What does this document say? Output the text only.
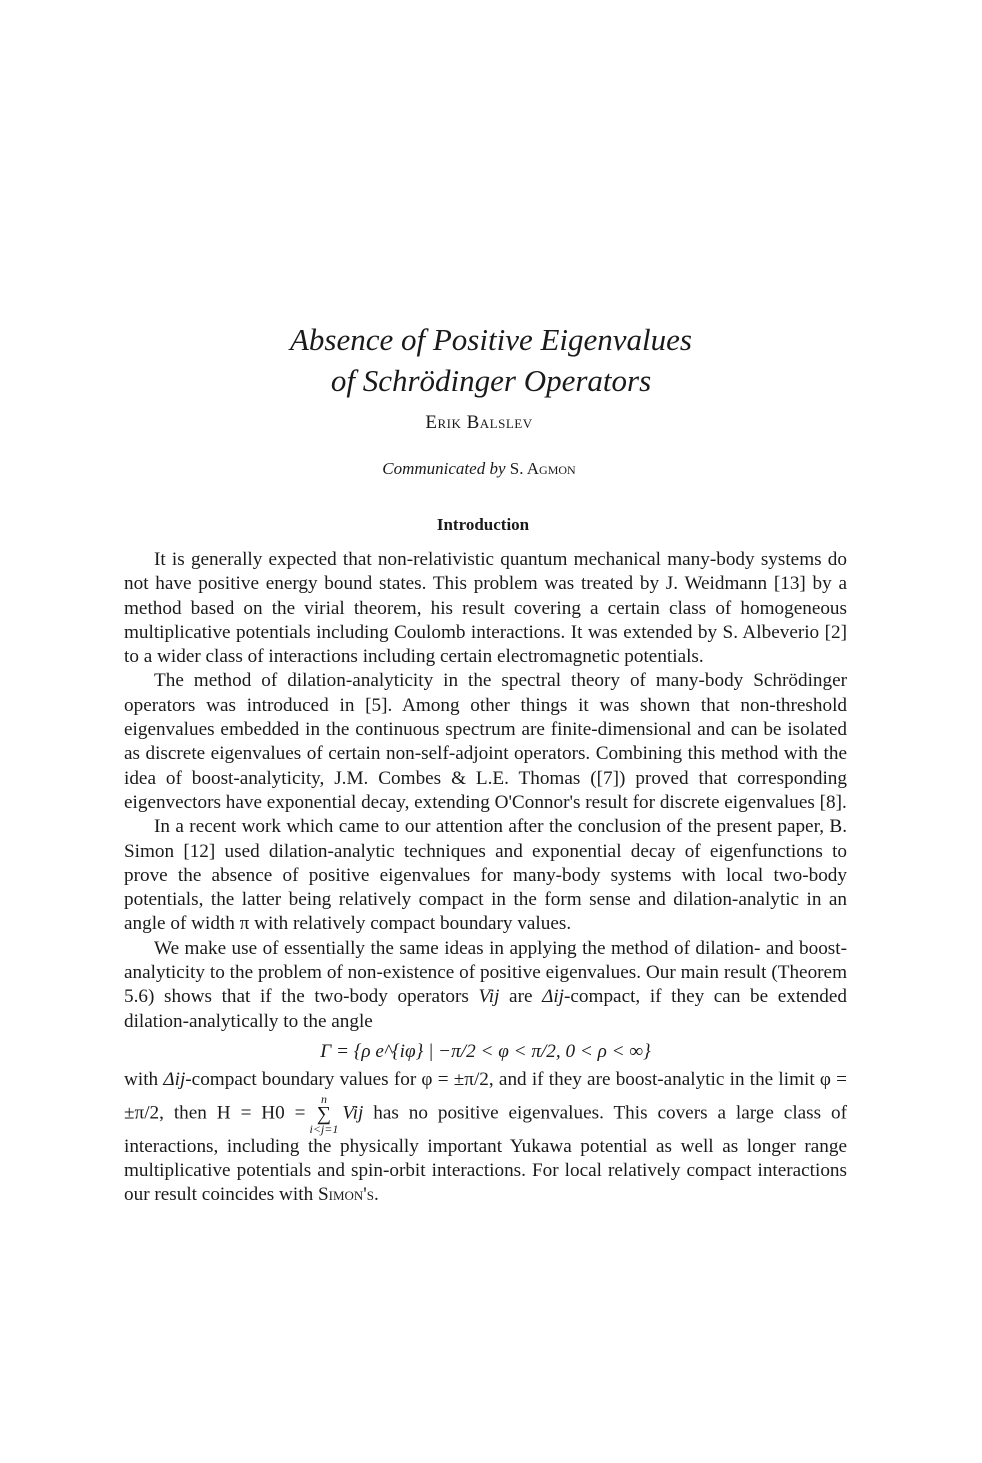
Absence of Positive Eigenvalues
of Schrödinger Operators
Erik Balslev
Communicated by S. Agmon
Introduction

It is generally expected that non-relativistic quantum mechanical many-body systems do not have positive energy bound states. This problem was treated by J. Weidmann [13] by a method based on the virial theorem, his result covering a certain class of homogeneous multiplicative potentials including Coulomb interactions. It was extended by S. Albeverio [2] to a wider class of interactions including certain electromagnetic potentials.

The method of dilation-analyticity in the spectral theory of many-body Schrödinger operators was introduced in [5]. Among other things it was shown that non-threshold eigenvalues embedded in the continuous spectrum are finite-dimensional and can be isolated as discrete eigenvalues of certain non-self-adjoint operators. Combining this method with the idea of boost-analyticity, J.M. Combes & L.E. Thomas ([7]) proved that corresponding eigenvectors have exponential decay, extending O'Connor's result for discrete eigenvalues [8].

In a recent work which came to our attention after the conclusion of the present paper, B. Simon [12] used dilation-analytic techniques and exponential decay of eigenfunctions to prove the absence of positive eigenvalues for many-body systems with local two-body potentials, the latter being relatively compact in the form sense and dilation-analytic in an angle of width π with relatively compact boundary values.

We make use of essentially the same ideas in applying the method of dilation- and boost-analyticity to the problem of non-existence of positive eigenvalues. Our main result (Theorem 5.6) shows that if the two-body operators Vij are Δij-compact, if they can be extended dilation-analytically to the angle

Γ = {ρ e^{iφ} | −π/2 < φ < π/2, 0 < ρ < ∞}

with Δij-compact boundary values for φ = ±π/2, and if they are boost-analytic in the limit φ = ±π/2, then H = H0 =
n
∑
i<j=1
Vij has no positive eigenvalues. This covers a large class of interactions, including the physically important Yukawa potential as well as longer range multiplicative potentials and spin-orbit interactions. For local relatively compact interactions our result coincides with Simon's.
